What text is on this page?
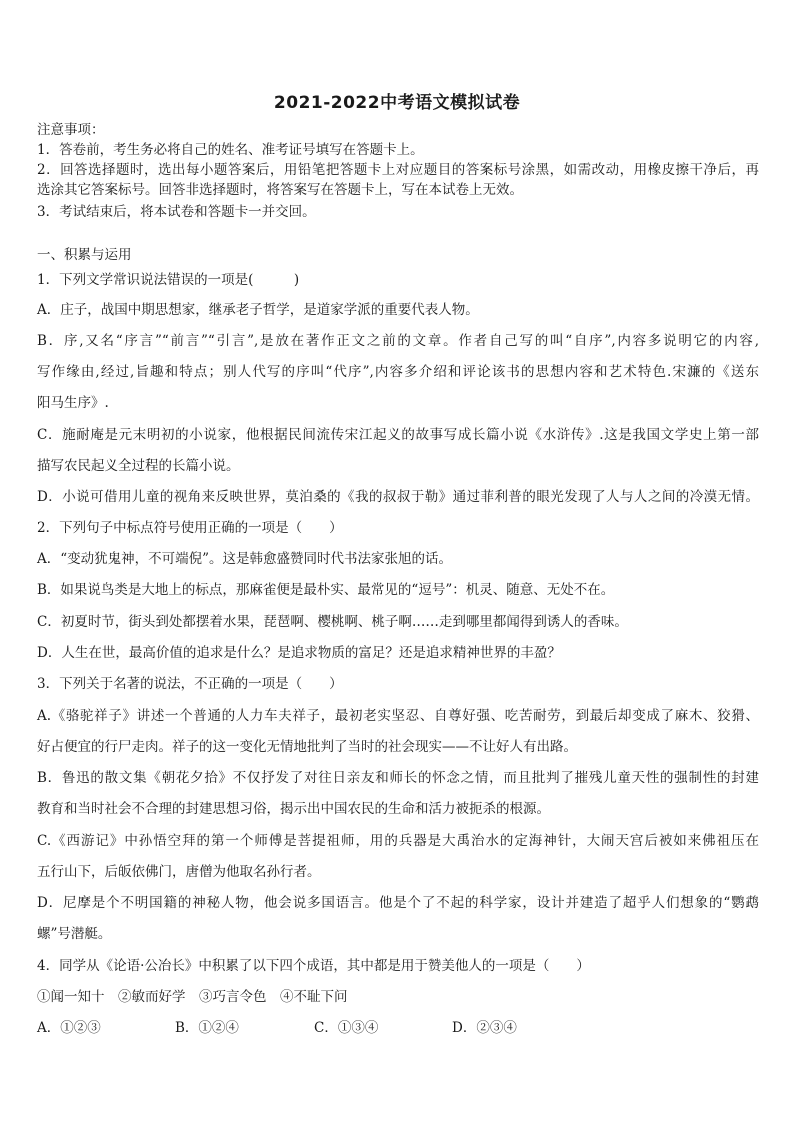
2021-2022中考语文模拟试卷
注意事项：
1．答卷前，考生务必将自己的姓名、准考证号填写在答题卡上。
2．回答选择题时，选出每小题答案后，用铅笔把答题卡上对应题目的答案标号涂黑，如需改动，用橡皮擦干净后，再
选涂其它答案标号。回答非选择题时，将答案写在答题卡上，写在本试卷上无效。
3．考试结束后，将本试卷和答题卡一并交回。
一、积累与运用
1．下列文学常识说法错误的一项是(　　　)
A．庄子，战国中期思想家，继承老子哲学，是道家学派的重要代表人物。
B．序,又名“序言”“前言”“引言”,是放在著作正文之前的文章。作者自己写的叫“自序”,内容多说明它的内容,
写作缘由,经过,旨趣和特点；别人代写的序叫“代序”,内容多介绍和评论该书的思想内容和艺术特色.宋濂的《送东
阳马生序》.
C．施耐庵是元末明初的小说家，他根据民间流传宋江起义的故事写成长篇小说《水浒传》.这是我国文学史上第一部
描写农民起义全过程的长篇小说。
D．小说可借用儿童的视角来反映世界，莫泊桑的《我的叔叔于勒》通过菲利普的眼光发现了人与人之间的冷漠无情。
2．下列句子中标点符号使用正确的一项是（　　）
A．“变动犹鬼神，不可端倪”。这是韩愈盛赞同时代书法家张旭的话。
B．如果说鸟类是大地上的标点，那麻雀便是最朴实、最常见的“逗号”：机灵、随意、无处不在。
C．初夏时节，街头到处都摆着水果，琵琶啊、樱桃啊、桃子啊……走到哪里都闻得到诱人的香味。
D．人生在世，最高价值的追求是什么？是追求物质的富足？还是追求精神世界的丰盈？
3．下列关于名著的说法，不正确的一项是（　　）
A.《骆驼祥子》讲述一个普通的人力车夫祥子，最初老实坚忍、自尊好强、吃苦耐劳，到最后却变成了麻木、狡猾、
好占便宜的行尸走肉。祥子的这一变化无情地批判了当时的社会现实——不让好人有出路。
B．鲁迅的散文集《朝花夕拾》不仅抒发了对往日亲友和师长的怀念之情，而且批判了摧残儿童天性的强制性的封建
教育和当时社会不合理的封建思想习俗，揭示出中国农民的生命和活力被扼杀的根源。
C.《西游记》中孙悟空拜的第一个师傅是菩提祖师，用的兵器是大禹治水的定海神针，大闹天宫后被如来佛祖压在
五行山下，后皈依佛门，唐僧为他取名孙行者。
D．尼摩是个不明国籍的神秘人物，他会说多国语言。他是个了不起的科学家，设计并建造了超乎人们想象的“鹦鹉
螺”号潜艇。
4．同学从《论语·公冶长》中积累了以下四个成语，其中都是用于赞美他人的一项是（　　）
①闻一知十　②敏而好学　③巧言令色　④不耻下问
A．①②③	B．①②④	C．①③④	D．②③④
